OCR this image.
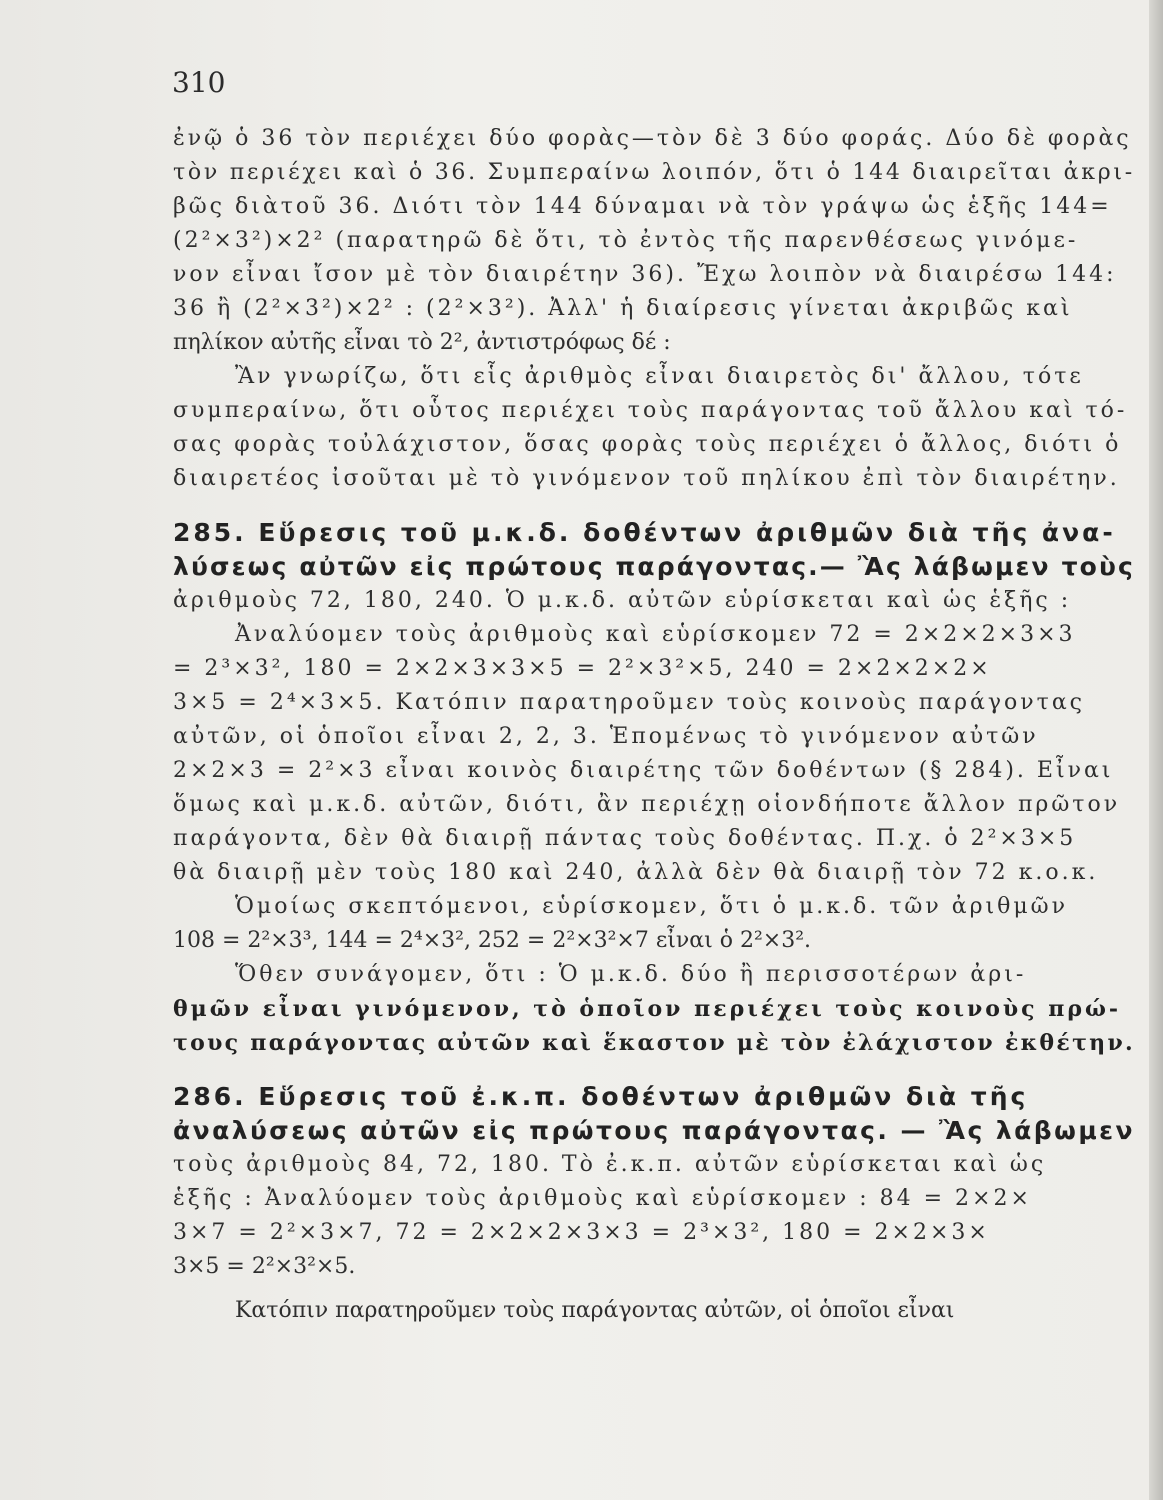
310
ἐνῷ ὁ 36 τὸν περιέχει δύο φορὰς—τὸν δὲ 3 δύο φοράς. Δύο δὲ φορὰς
τὸν περιέχει καὶ ὁ 36. Συμπεραίνω λοιπόν, ὅτι ὁ 144 διαιρεῖται ἀκρι-
βῶς διὰτοῦ 36. Διότι τὸν 144 δύναμαι νὰ τὸν γράψω ὡς ἑξῆς 144=
(2²×3²)×2² (παρατηρῶ δὲ ὅτι, τὸ ἐντὸς τῆς παρενθέσεως γινόμε-
νον εἶναι ἴσον μὲ τὸν διαιρέτην 36). Ἔχω λοιπὸν νὰ διαιρέσω 144:
36 ἢ (2²×3²)×2² : (2²×3²). Ἀλλ' ἡ διαίρεσις γίνεται ἀκριβῶς καὶ
πηλίκον αὐτῆς εἶναι τὸ 2², ἀντιστρόφως δέ :
Ἂν γνωρίζω, ὅτι εἷς ἀριθμὸς εἶναι διαιρετὸς δι' ἄλλου, τότε
συμπεραίνω, ὅτι οὗτος περιέχει τοὺς παράγοντας τοῦ ἄλλου καὶ τό-
σας φορὰς τοὐλάχιστον, ὅσας φορὰς τοὺς περιέχει ὁ ἄλλος, διότι ὁ
διαιρετέος ἰσοῦται μὲ τὸ γινόμενον τοῦ πηλίκου ἐπὶ τὸν διαιρέτην.
285. Εὕρεσις τοῦ μ.κ.δ. δοθέντων ἀριθμῶν διὰ τῆς ἀνα-
λύσεως αὐτῶν εἰς πρώτους παράγοντας.— Ἂς λάβωμεν τοὺς
ἀριθμοὺς 72, 180, 240. Ὁ μ.κ.δ. αὐτῶν εὑρίσκεται καὶ ὡς ἑξῆς :
Ἀναλύομεν τοὺς ἀριθμοὺς καὶ εὑρίσκομεν 72 = 2×2×2×3×3
= 2³×3², 180 = 2×2×3×3×5 = 2²×3²×5, 240 = 2×2×2×2×
3×5 = 2⁴×3×5. Κατόπιν παρατηροῦμεν τοὺς κοινοὺς παράγοντας
αὐτῶν, οἱ ὁποῖοι εἶναι 2, 2, 3. Ἑπομένως τὸ γινόμενον αὐτῶν
2×2×3 = 2²×3 εἶναι κοινὸς διαιρέτης τῶν δοθέντων (§ 284). Εἶναι
ὅμως καὶ μ.κ.δ. αὐτῶν, διότι, ἂν περιέχῃ οἱονδήποτε ἄλλον πρῶτον
παράγοντα, δὲν θὰ διαιρῇ πάντας τοὺς δοθέντας. Π.χ. ὁ 2²×3×5
θὰ διαιρῇ μὲν τοὺς 180 καὶ 240, ἀλλὰ δὲν θὰ διαιρῇ τὸν 72 κ.ο.κ.
Ὁμοίως σκεπτόμενοι, εὑρίσκομεν, ὅτι ὁ μ.κ.δ. τῶν ἀριθμῶν
108 = 2²×3³, 144 = 2⁴×3², 252 = 2²×3²×7 εἶναι ὁ 2²×3².
Ὅθεν συνάγομεν, ὅτι : Ὁ μ.κ.δ. δύο ἢ περισσοτέρων ἀρι-
θμῶν εἶναι γινόμενον, τὸ ὁποῖον περιέχει τοὺς κοινοὺς πρώ-
τους παράγοντας αὐτῶν καὶ ἕκαστον μὲ τὸν ἐλάχιστον ἐκθέτην.
286. Εὕρεσις τοῦ ἐ.κ.π. δοθέντων ἀριθμῶν διὰ τῆς
ἀναλύσεως αὐτῶν εἰς πρώτους παράγοντας. — Ἂς λάβωμεν
τοὺς ἀριθμοὺς 84, 72, 180. Τὸ ἐ.κ.π. αὐτῶν εὑρίσκεται καὶ ὡς
ἑξῆς : Ἀναλύομεν τοὺς ἀριθμοὺς καὶ εὑρίσκομεν : 84 = 2×2×
3×7 = 2²×3×7, 72 = 2×2×2×3×3 = 2³×3², 180 = 2×2×3×
3×5 = 2²×3²×5.
Κατόπιν παρατηροῦμεν τοὺς παράγοντας αὐτῶν, οἱ ὁποῖοι εἶναι
